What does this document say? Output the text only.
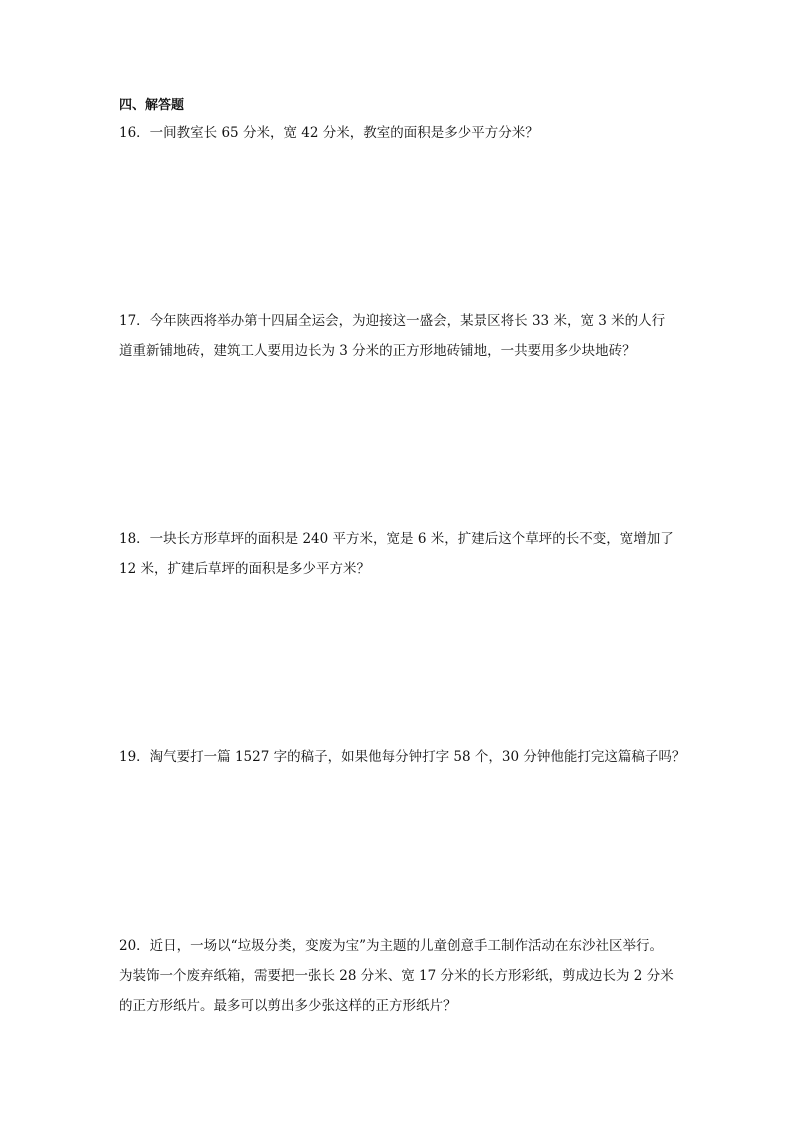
四、解答题
16．一间教室长 65 分米，宽 42 分米，教室的面积是多少平方分米？
17．今年陕西将举办第十四届全运会，为迎接这一盛会，某景区将长 33 米，宽 3 米的人行
道重新铺地砖，建筑工人要用边长为 3 分米的正方形地砖铺地，一共要用多少块地砖？
18．一块长方形草坪的面积是 240 平方米，宽是 6 米，扩建后这个草坪的长不变，宽增加了
12 米，扩建后草坪的面积是多少平方米？
19．淘气要打一篇 1527 字的稿子，如果他每分钟打字 58 个，30 分钟他能打完这篇稿子吗？
20．近日，一场以“垃圾分类，变废为宝”为主题的儿童创意手工制作活动在东沙社区举行。
为装饰一个废弃纸箱，需要把一张长 28 分米、宽 17 分米的长方形彩纸，剪成边长为 2 分米
的正方形纸片。最多可以剪出多少张这样的正方形纸片？
